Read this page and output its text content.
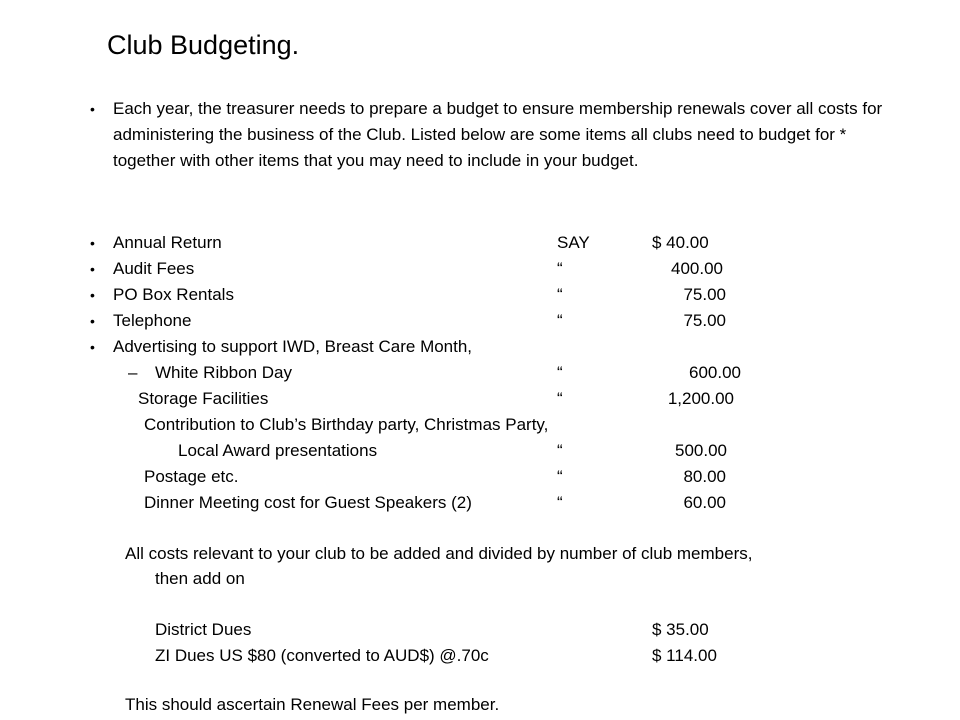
Club Budgeting.
• Each year, the treasurer needs to prepare a budget to ensure membership renewals cover all costs for administering the business of the Club. Listed below are some items all clubs need to budget for * together with other items that you may need to include in your budget.
• Annual Return	SAY	$ 40.00
• Audit Fees	“	400.00
• PO Box Rentals	“	75.00
• Telephone	“	75.00
• Advertising to support IWD, Breast Care Month,
– White Ribbon Day	“	600.00
Storage Facilities	“	1,200.00
Contribution to Club’s Birthday party, Christmas Party,
Local Award presentations	“	500.00
Postage etc.	“	80.00
Dinner Meeting cost for Guest Speakers (2)	“	60.00
All costs relevant to your club to be added and divided by number of club members,
then add on
District Dues	$ 35.00
ZI Dues US $80 (converted to AUD$) @.70c	$ 114.00
This should ascertain Renewal Fees per member.
